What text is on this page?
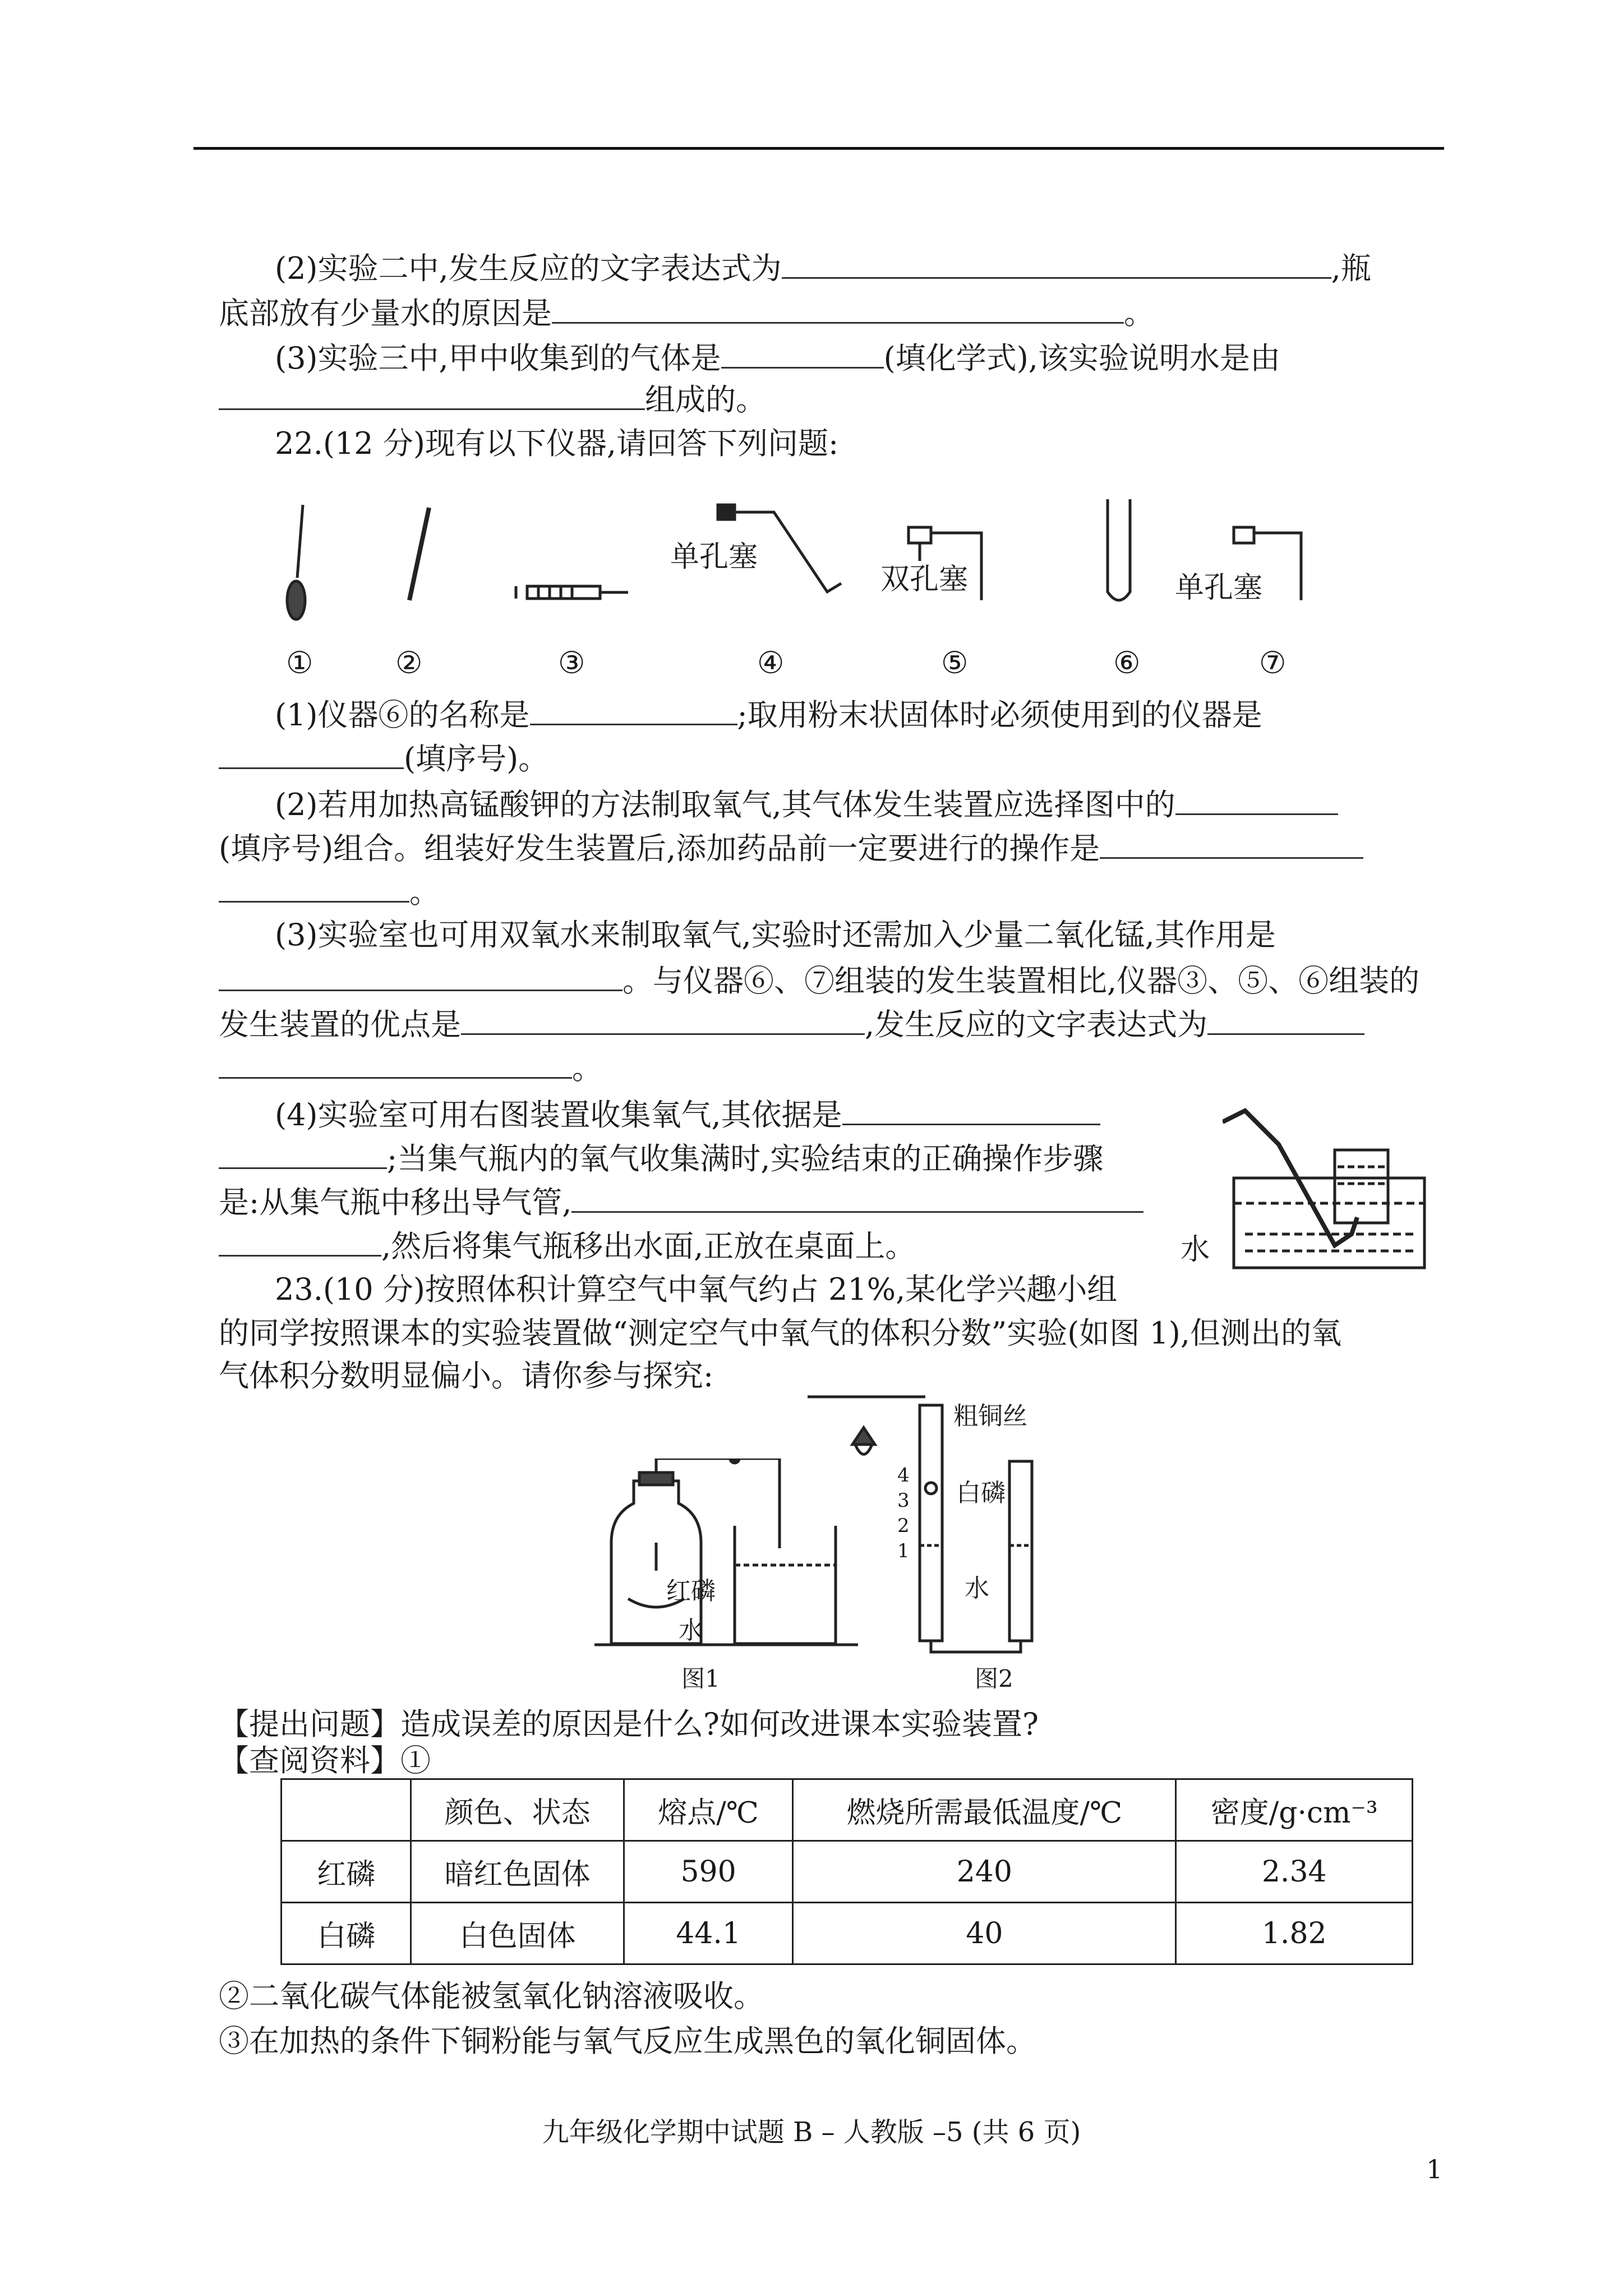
(2)实验二中,发生反应的文字表达式为	,瓶
底部放有少量水的原因是	。
(3)实验三中,甲中收集到的气体是	(填化学式),该实验说明水是由
组成的。
22.(12 分)现有以下仪器,请回答下列问题:
单孔塞
双孔塞	单孔塞
①	②	③	④	⑤	⑥	⑦
(1)仪器⑥的名称是	;取用粉末状固体时必须使用到的仪器是
(填序号)。
(2)若用加热高锰酸钾的方法制取氧气,其气体发生装置应选择图中的
(填序号)组合。组装好发生装置后,添加药品前一定要进行的操作是
。
(3)实验室也可用双氧水来制取氧气,实验时还需加入少量二氧化锰,其作用是
。与仪器⑥、⑦组装的发生装置相比,仪器③、⑤、⑥组装的
发生装置的优点是	,发生反应的文字表达式为
。
(4)实验室可用右图装置收集氧气,其依据是
;当集气瓶内的氧气收集满时,实验结束的正确操作步骤
是:从集气瓶中移出导气管,
,然后将集气瓶移出水面,正放在桌面上。	水
23.(10 分)按照体积计算空气中氧气约占 21%,某化学兴趣小组
的同学按照课本的实验装置做“测定空气中氧气的体积分数”实验(如图 1),但测出的氧
气体积分数明显偏小。请你参与探究:
红磷
水
图1
粗铜丝
白磷
水
4
3
2
1
图2
【提出问题】造成误差的原因是什么?如何改进课本实验装置?
【查阅资料】①
	颜色、状态	熔点/℃	燃烧所需最低温度/℃	密度/g·cm⁻³
红磷	暗红色固体	590	240	2.34
白磷	白色固体	44.1	40	1.82
②二氧化碳气体能被氢氧化钠溶液吸收。
③在加热的条件下铜粉能与氧气反应生成黑色的氧化铜固体。
九年级化学期中试题 B – 人教版 –5 (共 6 页)
1
